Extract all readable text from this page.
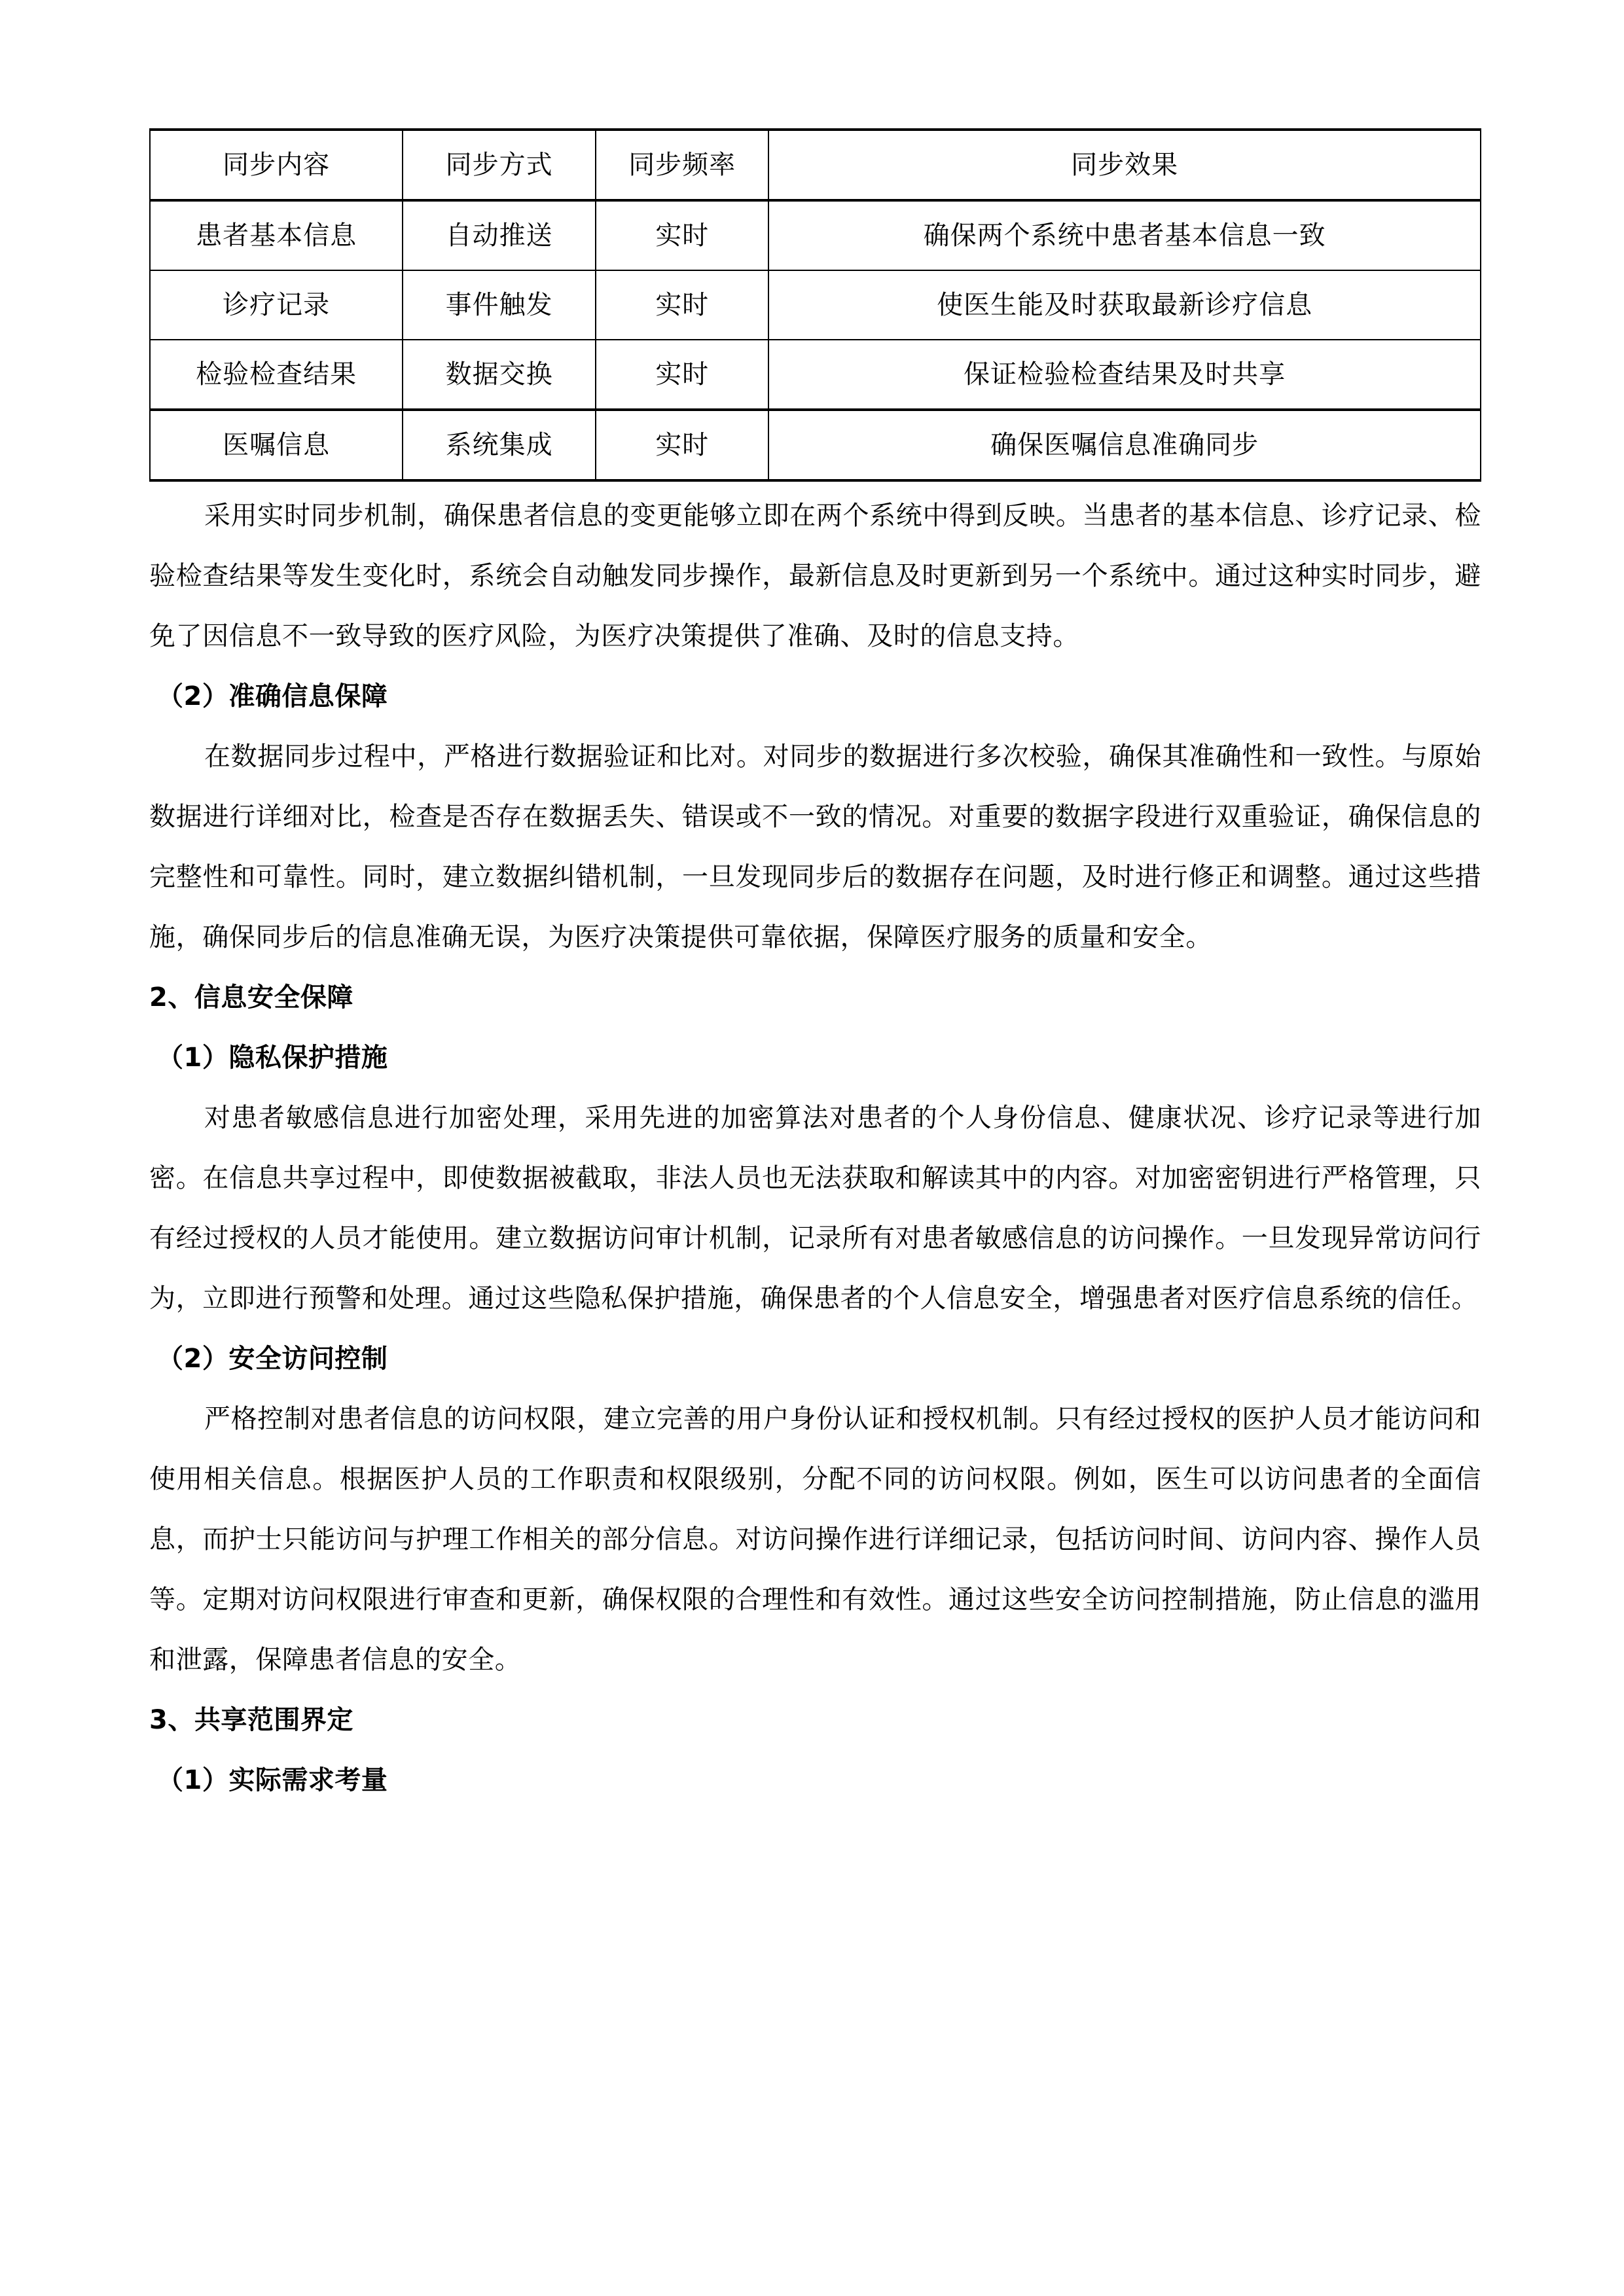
同步内容	同步方式	同步频率	同步效果
患者基本信息	自动推送	实时	确保两个系统中患者基本信息一致
诊疗记录	事件触发	实时	使医生能及时获取最新诊疗信息
检验检查结果	数据交换	实时	保证检验检查结果及时共享
医嘱信息	系统集成	实时	确保医嘱信息准确同步

采用实时同步机制，确保患者信息的变更能够立即在两个系统中得到反映。当患者的基本信息、诊疗记录、检验检查结果等发生变化时，系统会自动触发同步操作，最新信息及时更新到另一个系统中。通过这种实时同步，避免了因信息不一致导致的医疗风险，为医疗决策提供了准确、及时的信息支持。

（2）准确信息保障

在数据同步过程中，严格进行数据验证和比对。对同步的数据进行多次校验，确保其准确性和一致性。与原始数据进行详细对比，检查是否存在数据丢失、错误或不一致的情况。对重要的数据字段进行双重验证，确保信息的完整性和可靠性。同时，建立数据纠错机制，一旦发现同步后的数据存在问题，及时进行修正和调整。通过这些措施，确保同步后的信息准确无误，为医疗决策提供可靠依据，保障医疗服务的质量和安全。

2、信息安全保障

（1）隐私保护措施

对患者敏感信息进行加密处理，采用先进的加密算法对患者的个人身份信息、健康状况、诊疗记录等进行加密。在信息共享过程中，即使数据被截取，非法人员也无法获取和解读其中的内容。对加密密钥进行严格管理，只有经过授权的人员才能使用。建立数据访问审计机制，记录所有对患者敏感信息的访问操作。一旦发现异常访问行为，立即进行预警和处理。通过这些隐私保护措施，确保患者的个人信息安全，增强患者对医疗信息系统的信任。

（2）安全访问控制

严格控制对患者信息的访问权限，建立完善的用户身份认证和授权机制。只有经过授权的医护人员才能访问和使用相关信息。根据医护人员的工作职责和权限级别，分配不同的访问权限。例如，医生可以访问患者的全面信息，而护士只能访问与护理工作相关的部分信息。对访问操作进行详细记录，包括访问时间、访问内容、操作人员等。定期对访问权限进行审查和更新，确保权限的合理性和有效性。通过这些安全访问控制措施，防止信息的滥用和泄露，保障患者信息的安全。

3、共享范围界定

（1）实际需求考量
